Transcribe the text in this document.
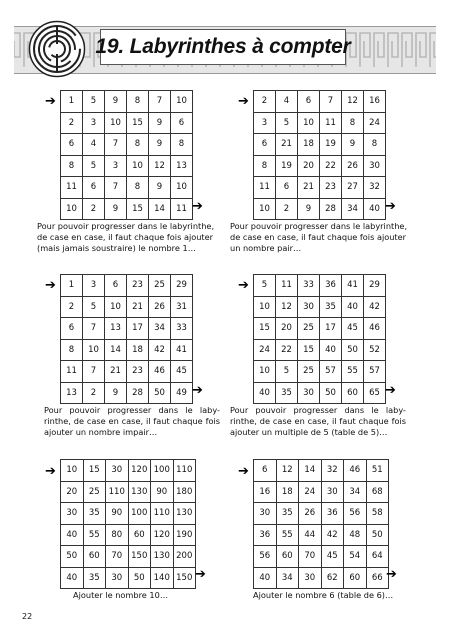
19. Labyrinthes à compter
➔ 1	5	9	8	7	10
2	3	10	15	9	6
6	4	7	8	9	8
8	5	3	10	12	13
11	6	7	8	9	10
10	2	9	15	14	11 ➔
Pour pouvoir progresser dans le labyrinthe,
de case en case, il faut chaque fois ajouter
(mais jamais soustraire) le nombre 1…
➔ 2	4	6	7	12	16
3	5	10	11	8	24
6	21	18	19	9	8
8	19	20	22	26	30
11	6	21	23	27	32
10	2	9	28	34	40 ➔
Pour pouvoir progresser dans le labyrinthe,
de case en case, il faut chaque fois ajouter
un nombre pair…
➔ 1	3	6	23	25	29
2	5	10	21	26	31
6	7	13	17	34	33
8	10	14	18	42	41
11	7	21	23	46	45
13	2	9	28	50	49 ➔
Pour pouvoir progresser dans le laby-
rinthe, de case en case, il faut chaque fois
ajouter un nombre impair…
➔ 5	11	33	36	41	29
10	12	30	35	40	42
15	20	25	17	45	46
24	22	15	40	50	52
10	5	25	57	55	57
40	35	30	50	60	65 ➔
Pour pouvoir progresser dans le laby-
rinthe, de case en case, il faut chaque fois
ajouter un multiple de 5 (table de 5)…
➔ 10	15	30	120	100	110
20	25	110	130	90	180
30	35	90	100	110	130
40	55	80	60	120	190
50	60	70	150	130	200
40	35	30	50	140	150 ➔
Ajouter le nombre 10…
➔ 6	12	14	32	46	51
16	18	24	30	34	68
30	35	26	36	56	58
36	55	44	42	48	50
56	60	70	45	54	64
40	34	30	62	60	66 ➔
Ajouter le nombre 6 (table de 6)…
22
